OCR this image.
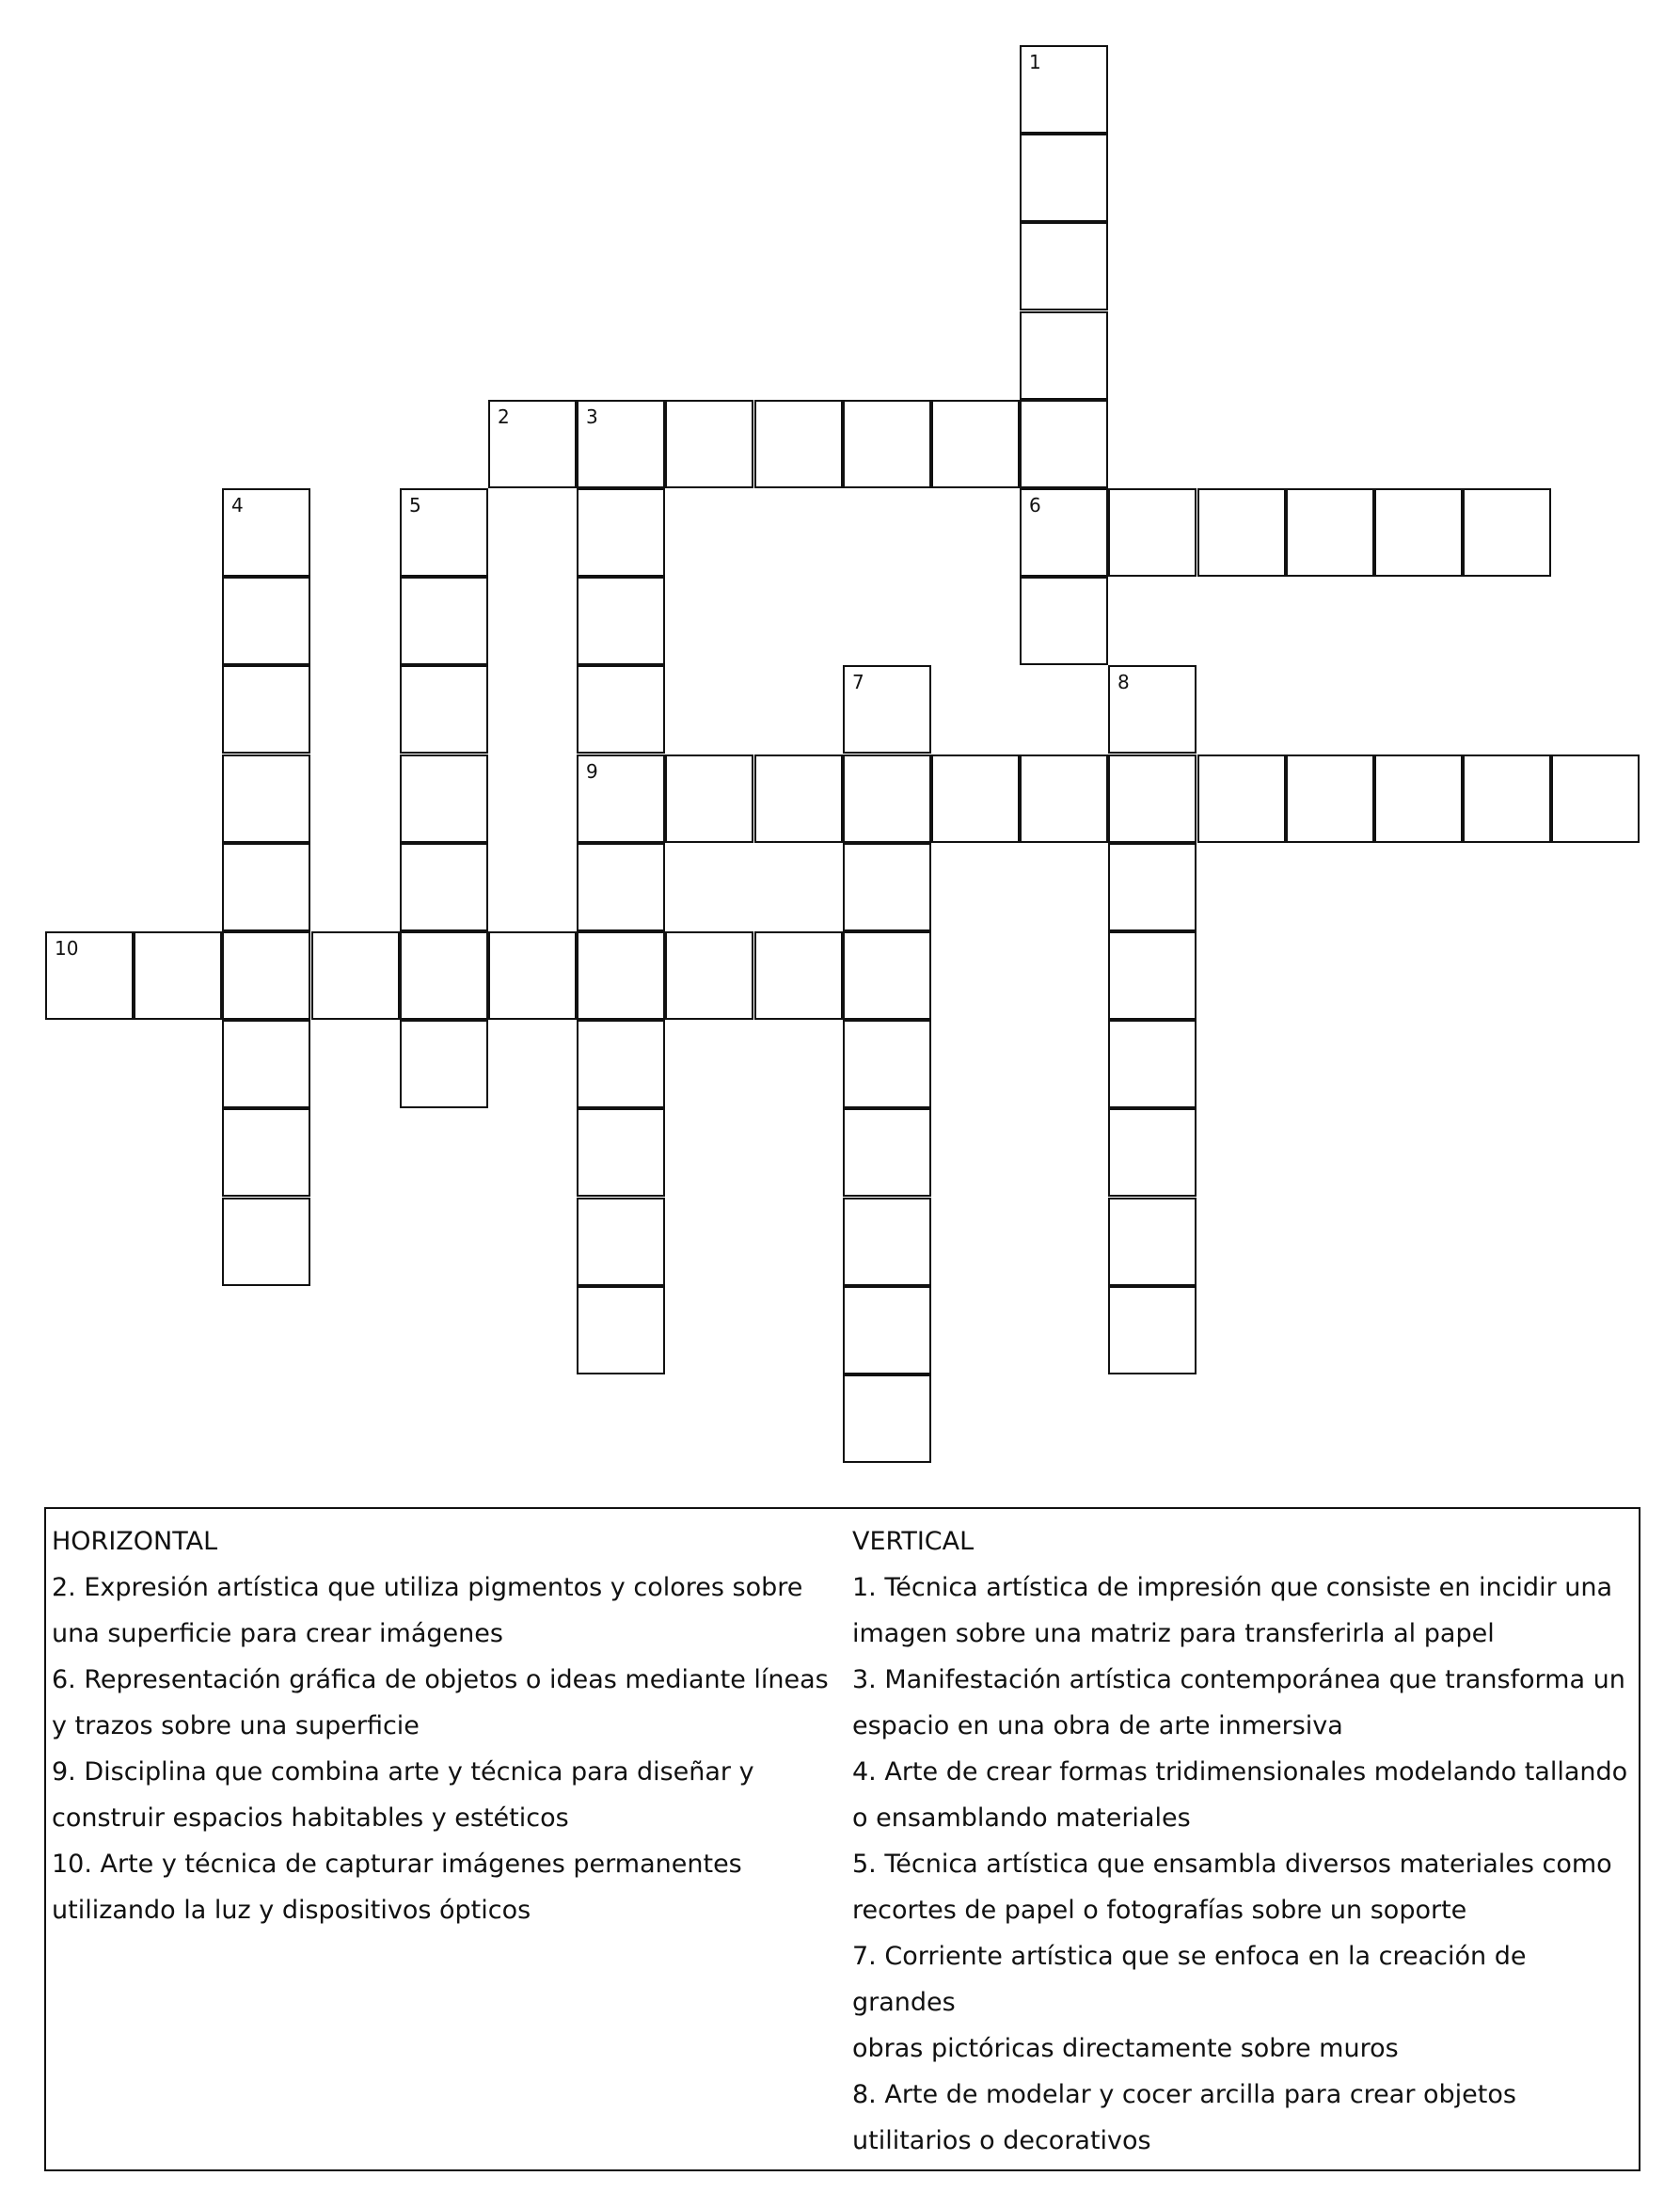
1
2	3
4	5	6
7	8
9
10
HORIZONTAL
2. Expresión artística que utiliza pigmentos y colores sobre
una superficie para crear imágenes
6. Representación gráfica de objetos o ideas mediante líneas
y trazos sobre una superficie
9. Disciplina que combina arte y técnica para diseñar y
construir espacios habitables y estéticos
10. Arte y técnica de capturar imágenes permanentes
utilizando la luz y dispositivos ópticos
VERTICAL
1. Técnica artística de impresión que consiste en incidir una
imagen sobre una matriz para transferirla al papel
3. Manifestación artística contemporánea que transforma un
espacio en una obra de arte inmersiva
4. Arte de crear formas tridimensionales modelando tallando
o ensamblando materiales
5. Técnica artística que ensambla diversos materiales como
recortes de papel o fotografías sobre un soporte
7. Corriente artística que se enfoca en la creación de grandes
obras pictóricas directamente sobre muros
8. Arte de modelar y cocer arcilla para crear objetos
utilitarios o decorativos
